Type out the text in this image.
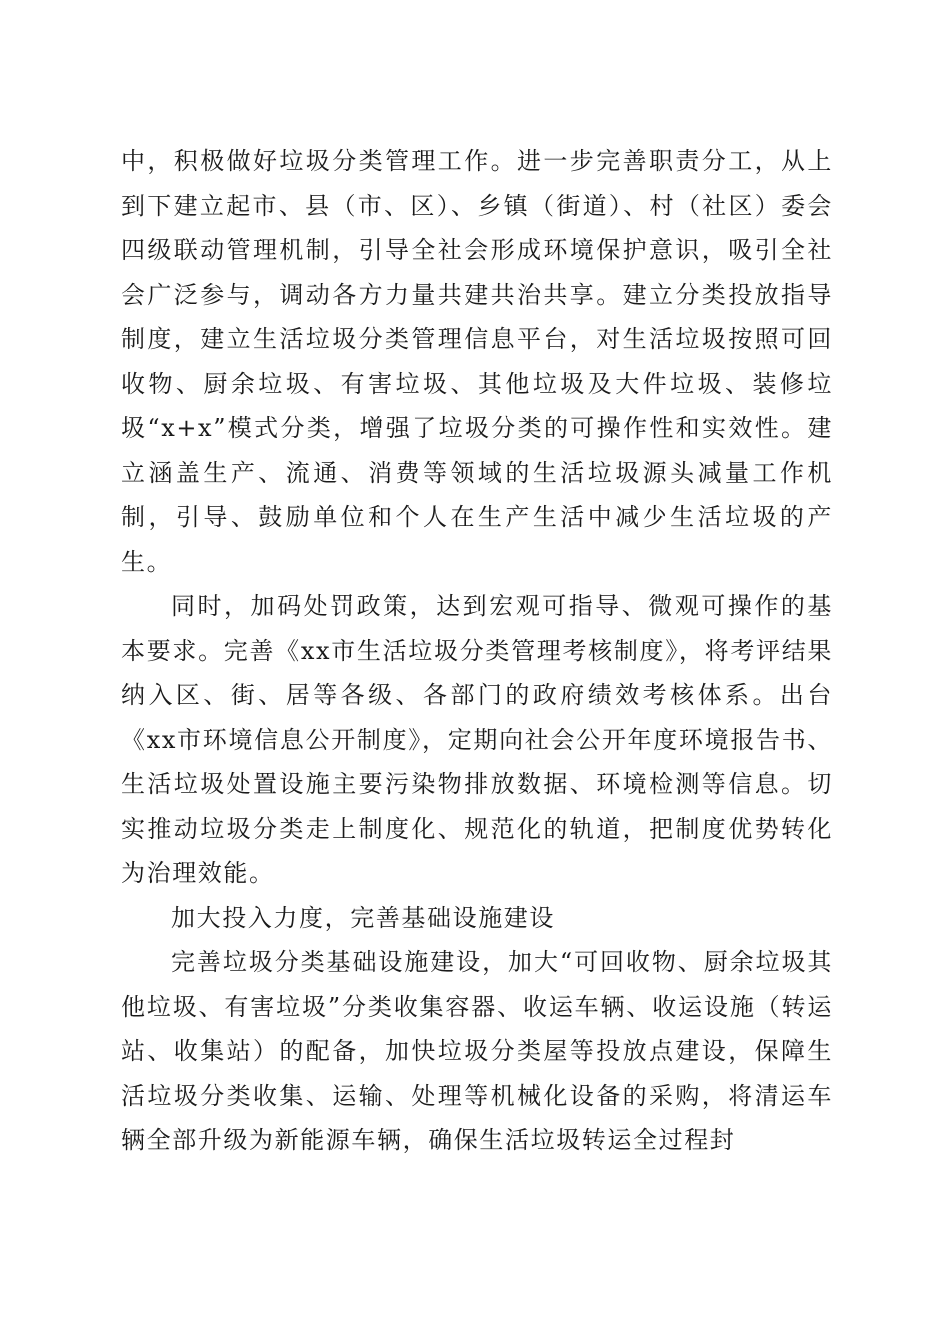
中，积极做好垃圾分类管理工作。进一步完善职责分工，从上到下建立起市、县（市、区）、乡镇（街道）、村（社区）委会四级联动管理机制，引导全社会形成环境保护意识，吸引全社会广泛参与，调动各方力量共建共治共享。建立分类投放指导制度，建立生活垃圾分类管理信息平台，对生活垃圾按照可回收物、厨余垃圾、有害垃圾、其他垃圾及大件垃圾、装修垃圾“x+x”模式分类，增强了垃圾分类的可操作性和实效性。建立涵盖生产、流通、消费等领域的生活垃圾源头减量工作机制，引导、鼓励单位和个人在生产生活中减少生活垃圾的产生。

同时，加码处罚政策，达到宏观可指导、微观可操作的基本要求。完善《xx市生活垃圾分类管理考核制度》，将考评结果纳入区、街、居等各级、各部门的政府绩效考核体系。出台《xx市环境信息公开制度》，定期向社会公开年度环境报告书、生活垃圾处置设施主要污染物排放数据、环境检测等信息。切实推动垃圾分类走上制度化、规范化的轨道，把制度优势转化为治理效能。

加大投入力度，完善基础设施建设

完善垃圾分类基础设施建设，加大“可回收物、厨余垃圾其他垃圾、有害垃圾”分类收集容器、收运车辆、收运设施（转运站、收集站）的配备，加快垃圾分类屋等投放点建设，保障生活垃圾分类收集、运输、处理等机械化设备的采购，将清运车辆全部升级为新能源车辆，确保生活垃圾转运全过程封
